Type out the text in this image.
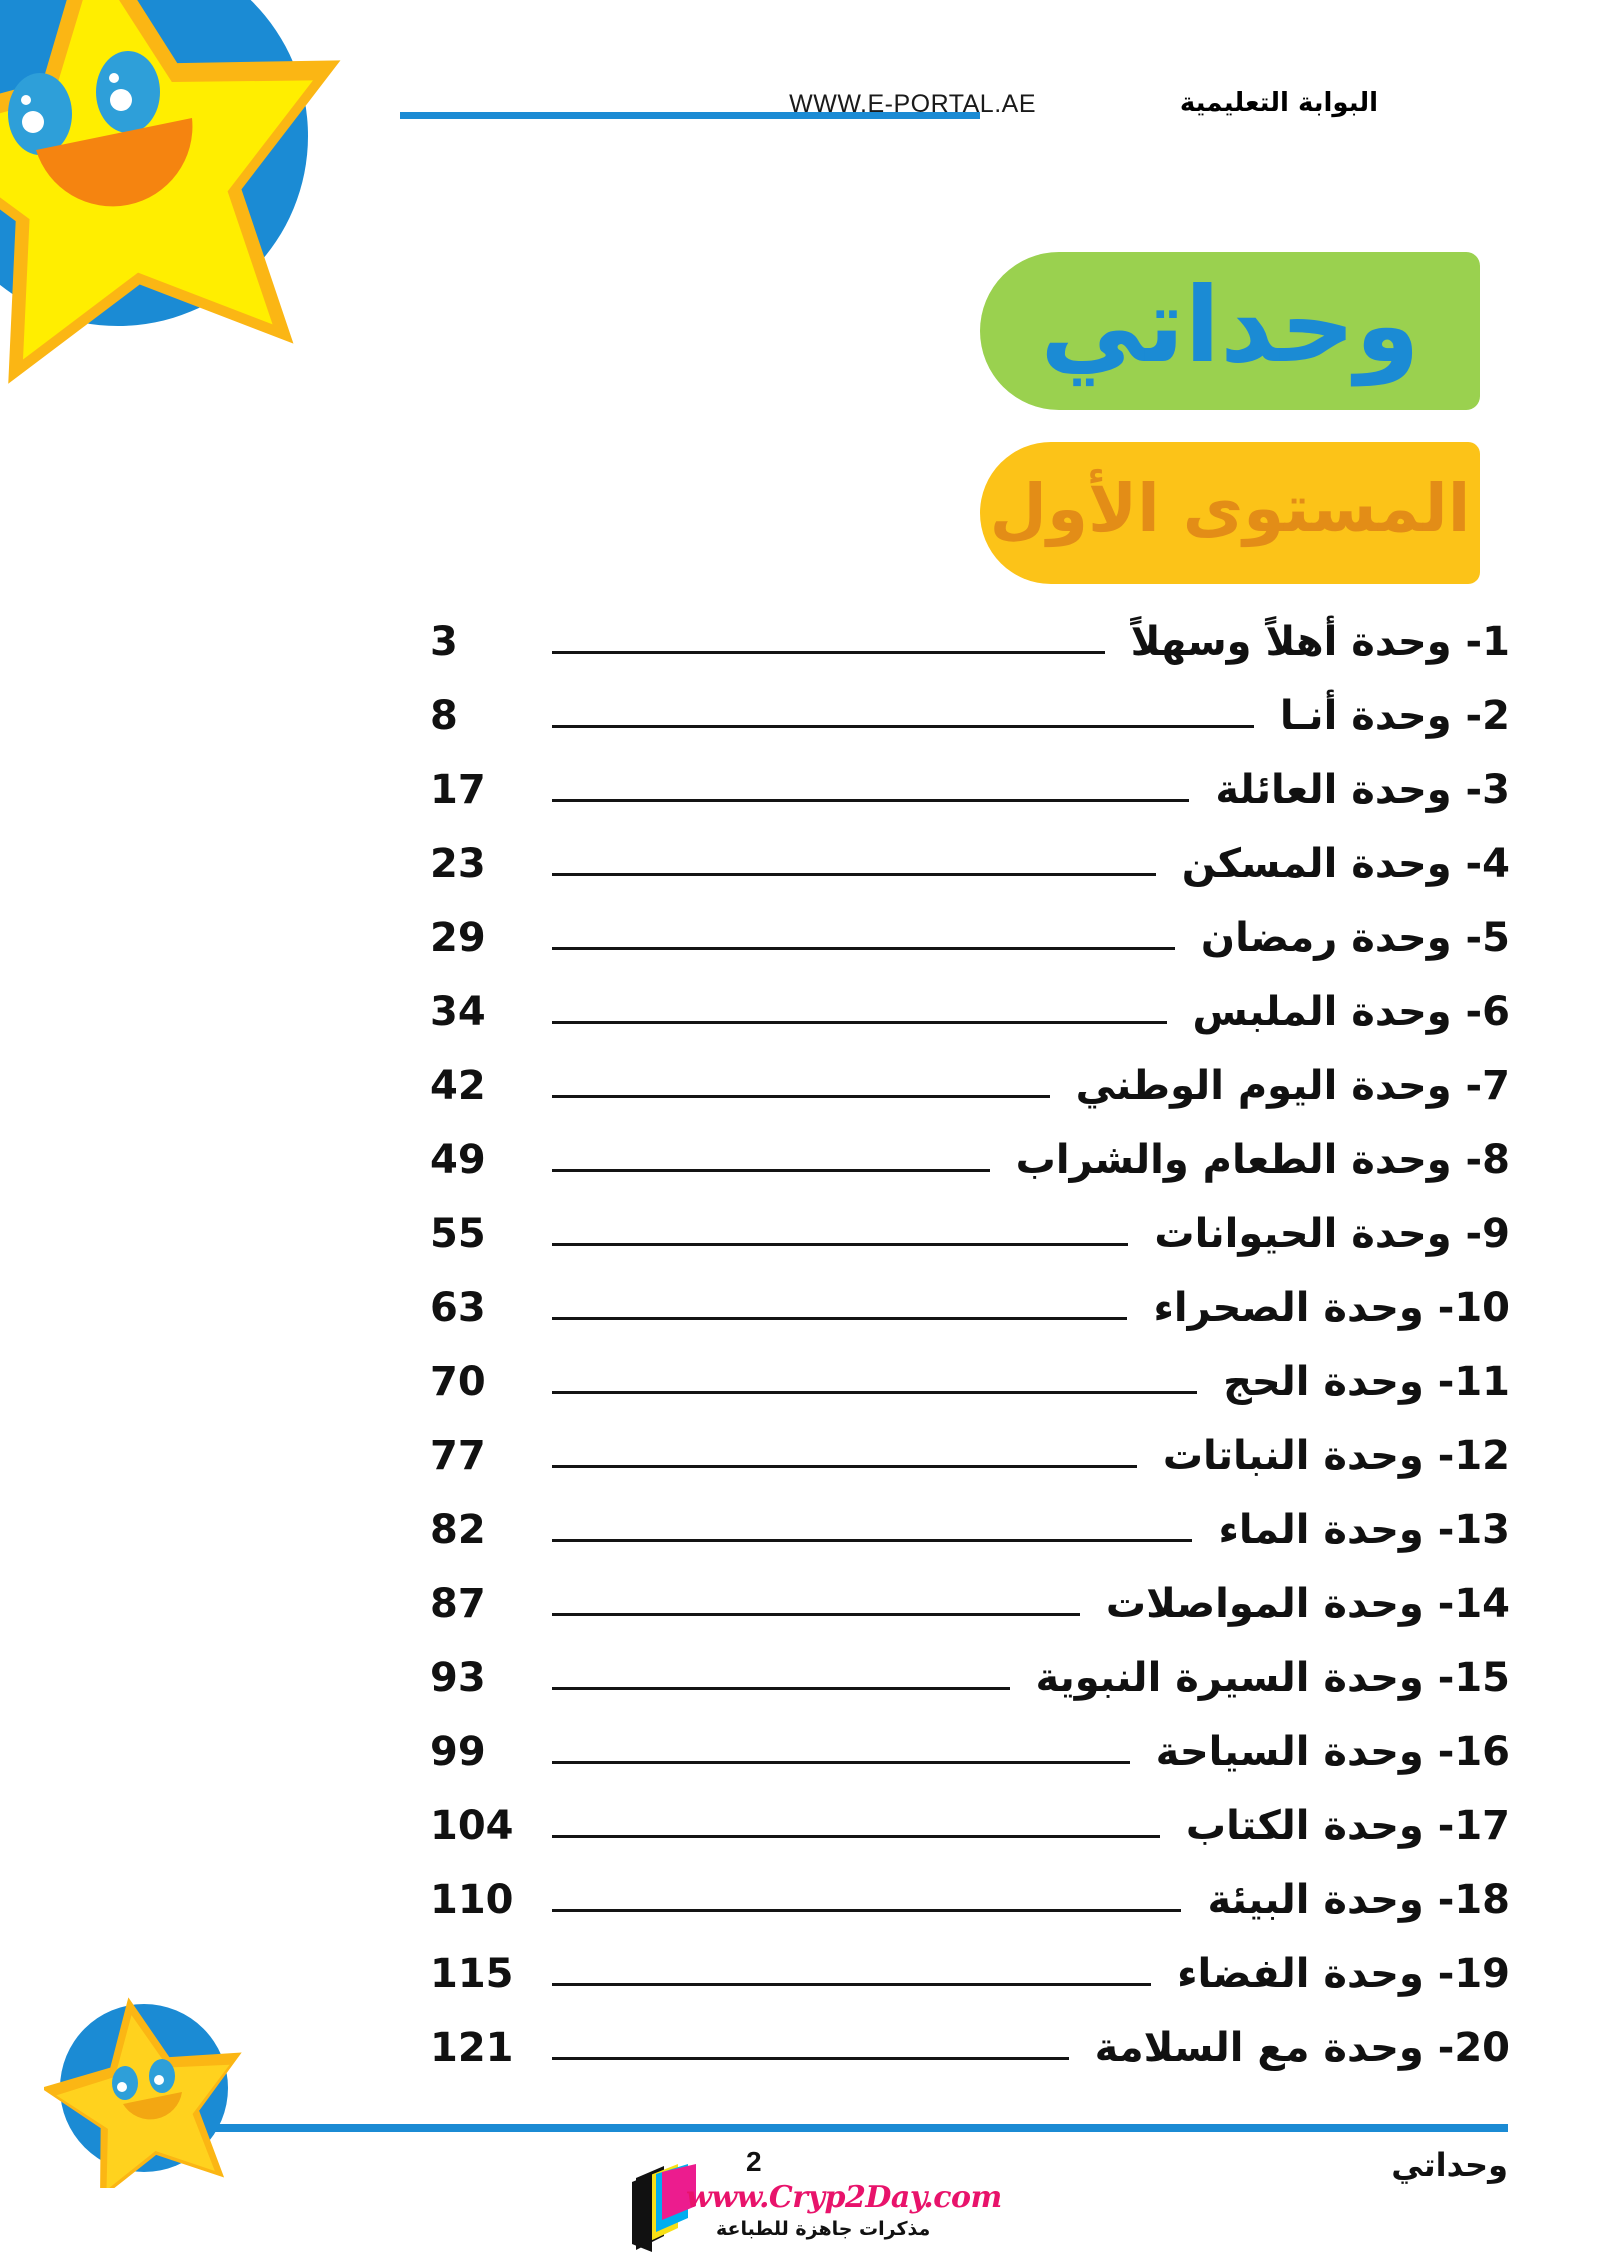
WWW.E-PORTAL.AE	البوابة التعليمية
وحداتي
المستوى الأول
1- وحدة أهلاً وسهلاً
3
2- وحدة أنـا
8
3- وحدة العائلة
17
4- وحدة المسكن
23
5- وحدة رمضان
29
6- وحدة الملبس
34
7- وحدة اليوم الوطني
42
8- وحدة الطعام والشراب
49
9- وحدة الحيوانات
55
10- وحدة الصحراء
63
11- وحدة الحج
70
12- وحدة النباتات
77
13- وحدة الماء
82
14- وحدة المواصلات
87
15- وحدة السيرة النبوية
93
16- وحدة السياحة
99
17- وحدة الكتاب
104
18- وحدة البيئة
110
19- وحدة الفضاء
115
20- وحدة مع السلامة
121
وحداتي
2
www.Cryp2Day.com
مذكرات جاهزة للطباعة
